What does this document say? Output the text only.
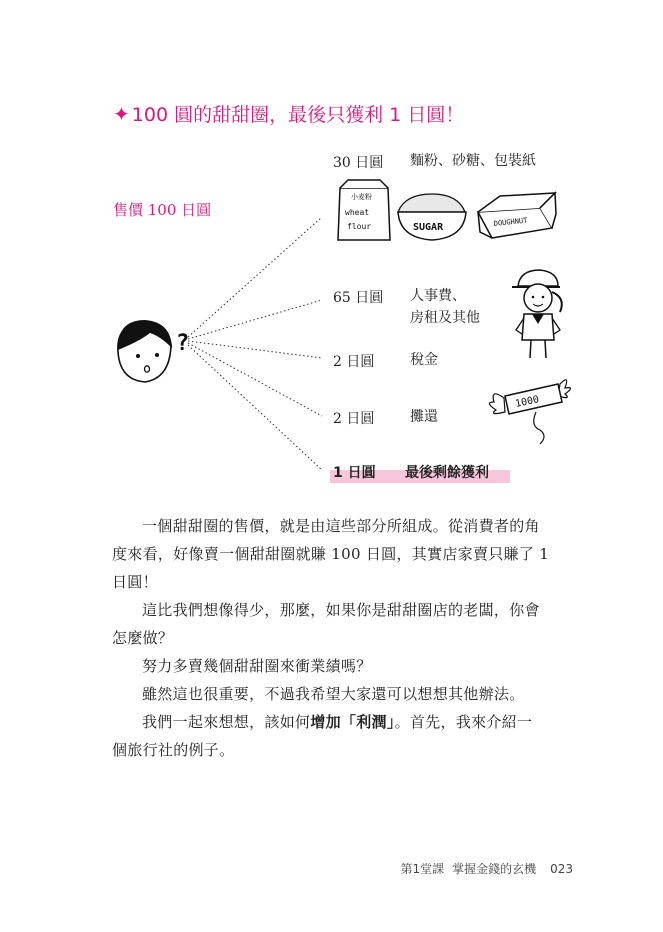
✦ 100 圓的甜甜圈，最後只獲利 1 日圓！
售價 100 日圓
?
小麦粉
wheat
flour	SUGAR	DOUGHNUT
1000
30 日圓 麵粉、砂糖、包裝紙
65 日圓 人事費、
房租及其他
2 日圓	稅金
2 日圓	攤還
1 日圓 最後剩餘獲利
一個甜甜圈的售價，就是由這些部分所組成。從消費者的角
度來看，好像賣一個甜甜圈就賺 100 日圓，其實店家賣只賺了 1
日圓！
這比我們想像得少，那麼，如果你是甜甜圈店的老闆，你會
怎麼做？
努力多賣幾個甜甜圈來衝業績嗎？
雖然這也很重要，不過我希望大家還可以想想其他辦法。
我們一起來想想，該如何增加「利潤」。首先，我來介紹一
個旅行社的例子。
第1堂課 掌握金錢的玄機 023
